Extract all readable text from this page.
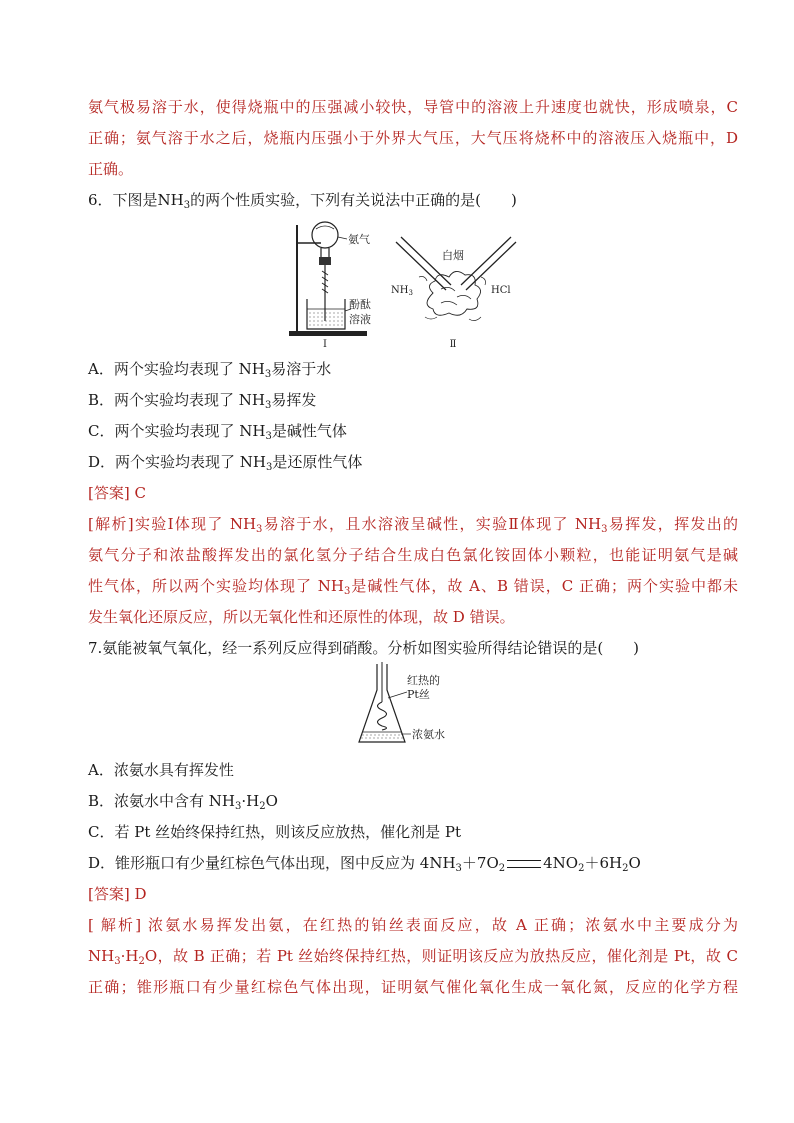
氨气极易溶于水，使得烧瓶中的压强减小较快，导管中的溶液上升速度也就快，形成喷泉，C
正确；氨气溶于水之后，烧瓶内压强小于外界大气压，大气压将烧杯中的溶液压入烧瓶中，D
正确。
6．下图是$NH_3$的两个性质实验，下列有关说法中正确的是(　　)
氨气
酚酞
溶液
Ⅰ
白烟
$NH_3$	HCl
Ⅱ
A．两个实验均表现了 $NH_3$易溶于水
B．两个实验均表现了 $NH_3$易挥发
C．两个实验均表现了 $NH_3$是碱性气体
D．两个实验均表现了 $NH_3$是还原性气体
[答案] C
[解析]实验Ⅰ体现了 $NH_3$易溶于水，且水溶液呈碱性，实验Ⅱ体现了 $NH_3$易挥发，挥发出的
氨气分子和浓盐酸挥发出的氯化氢分子结合生成白色氯化铵固体小颗粒，也能证明氨气是碱
性气体，所以两个实验均体现了 $NH_3$是碱性气体，故 A、B 错误，C 正确；两个实验中都未
发生氧化还原反应，所以无氧化性和还原性的体现，故 D 错误。
7.氨能被氧气氧化，经一系列反应得到硝酸。分析如图实验所得结论错误的是(　　)
红热的
Pt丝
浓氨水
A．浓氨水具有挥发性
B．浓氨水中含有 $NH_3\cdot H_2O$
C．若 Pt 丝始终保持红热，则该反应放热，催化剂是 Pt
D．锥形瓶口有少量红棕色气体出现，图中反应为 $4NH_3+7O_2$	$4NO_2+6H_2O$
[答案] D
[ 解析] 浓氨水易挥发出氨，在红热的铂丝表面反应，故 A 正确；浓氨水中主要成分为
$NH_3\cdot H_2O$，故 B 正确；若 Pt 丝始终保持红热，则证明该反应为放热反应，催化剂是 Pt，故 C
正确；锥形瓶口有少量红棕色气体出现，证明氨气催化氧化生成一氧化氮，反应的化学方程
